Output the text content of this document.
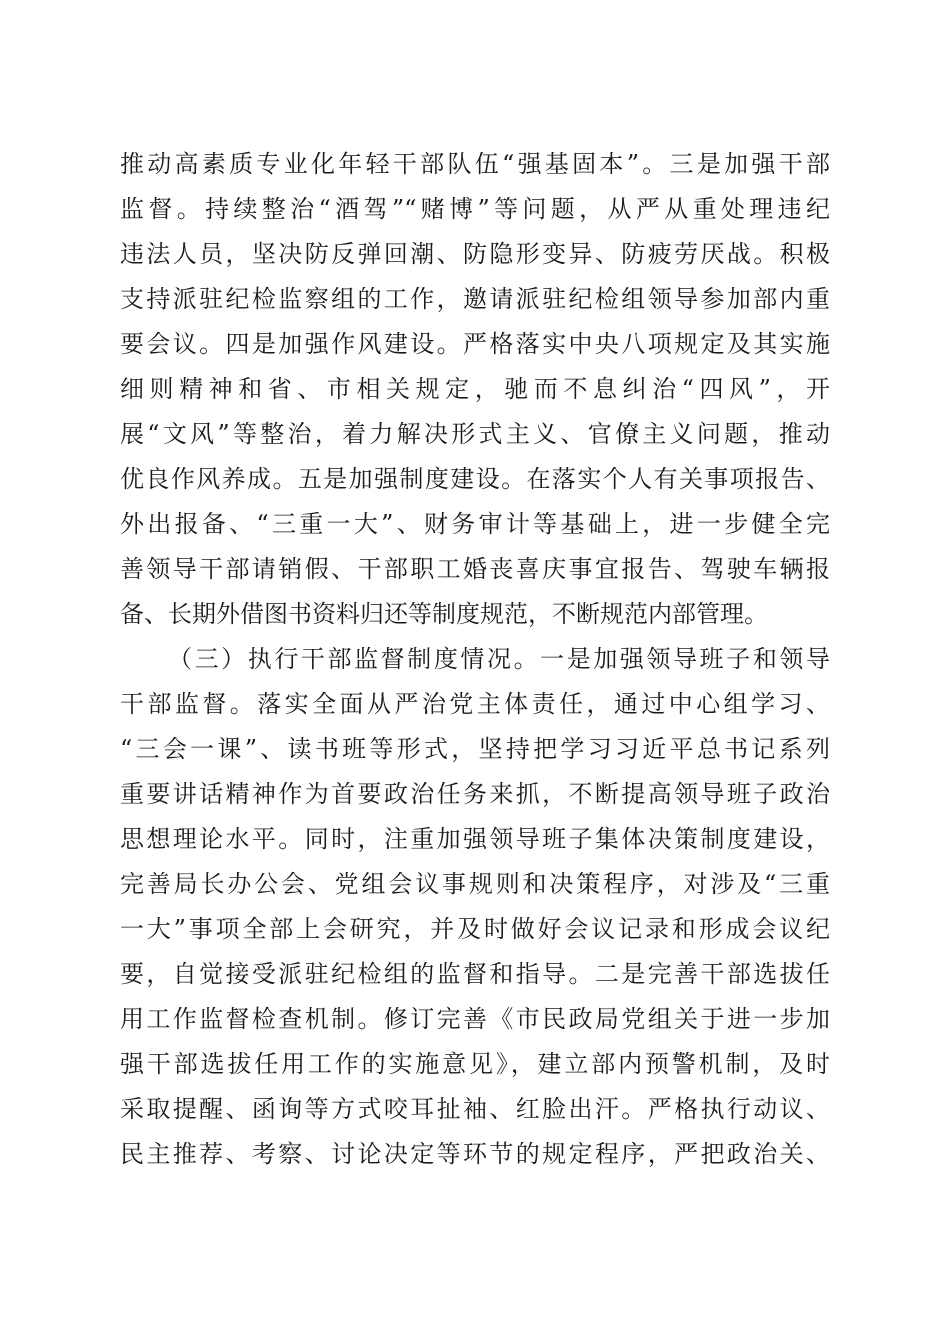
推动高素质专业化年轻干部队伍“强基固本”。三是加强干部
监督。持续整治“酒驾”“赌博”等问题，从严从重处理违纪
违法人员，坚决防反弹回潮、防隐形变异、防疲劳厌战。积极
支持派驻纪检监察组的工作，邀请派驻纪检组领导参加部内重
要会议。四是加强作风建设。严格落实中央八项规定及其实施
细则精神和省、市相关规定，驰而不息纠治“四风”，开
展“文风”等整治，着力解决形式主义、官僚主义问题，推动
优良作风养成。五是加强制度建设。在落实个人有关事项报告、
外出报备、“三重一大”、财务审计等基础上，进一步健全完
善领导干部请销假、干部职工婚丧喜庆事宜报告、驾驶车辆报
备、长期外借图书资料归还等制度规范，不断规范内部管理。
（三）执行干部监督制度情况。一是加强领导班子和领导
干部监督。落实全面从严治党主体责任，通过中心组学习、
“三会一课”、读书班等形式，坚持把学习习近平总书记系列
重要讲话精神作为首要政治任务来抓，不断提高领导班子政治
思想理论水平。同时，注重加强领导班子集体决策制度建设，
完善局长办公会、党组会议事规则和决策程序，对涉及“三重
一大”事项全部上会研究，并及时做好会议记录和形成会议纪
要，自觉接受派驻纪检组的监督和指导。二是完善干部选拔任
用工作监督检查机制。修订完善《市民政局党组关于进一步加
强干部选拔任用工作的实施意见》，建立部内预警机制，及时
采取提醒、函询等方式咬耳扯袖、红脸出汗。严格执行动议、
民主推荐、考察、讨论决定等环节的规定程序，严把政治关、
